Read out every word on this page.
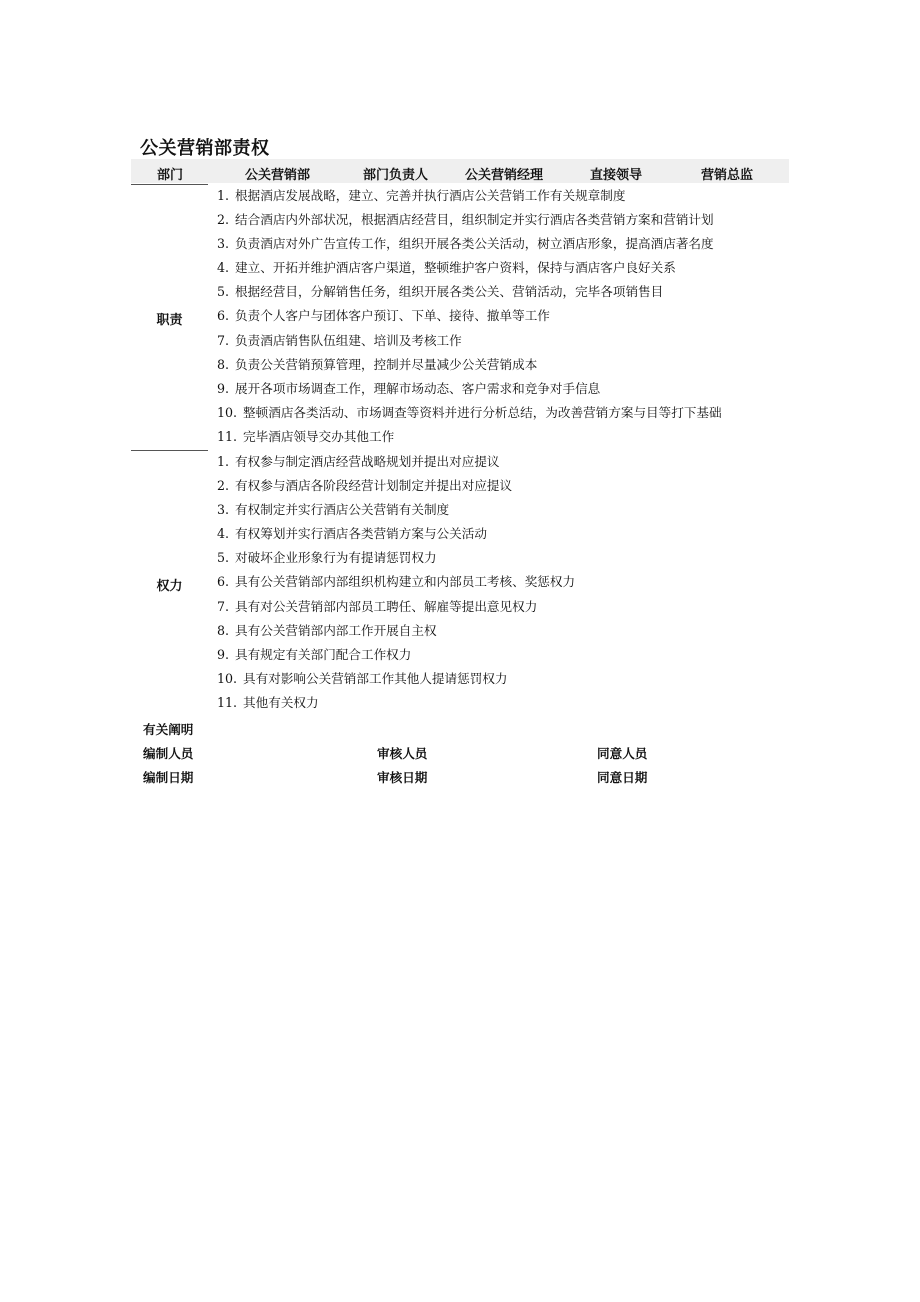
公关营销部责权
部门	公关营销部	部门负责人	公关营销经理	直接领导	营销总监
职责
1. 根据酒店发展战略，建立、完善并执行酒店公关营销工作有关规章制度
2. 结合酒店内外部状况，根据酒店经营目，组织制定并实行酒店各类营销方案和营销计划
3. 负责酒店对外广告宣传工作，组织开展各类公关活动，树立酒店形象，提高酒店著名度
4. 建立、开拓并维护酒店客户渠道，整顿维护客户资料，保持与酒店客户良好关系
5. 根据经营目，分解销售任务，组织开展各类公关、营销活动，完毕各项销售目
6. 负责个人客户与团体客户预订、下单、接待、撤单等工作
7. 负责酒店销售队伍组建、培训及考核工作
8. 负责公关营销预算管理，控制并尽量减少公关营销成本
9. 展开各项市场调查工作，理解市场动态、客户需求和竞争对手信息
10. 整顿酒店各类活动、市场调查等资料并进行分析总结，为改善营销方案与目等打下基础
11. 完毕酒店领导交办其他工作
权力
1. 有权参与制定酒店经营战略规划并提出对应提议
2. 有权参与酒店各阶段经营计划制定并提出对应提议
3. 有权制定并实行酒店公关营销有关制度
4. 有权筹划并实行酒店各类营销方案与公关活动
5. 对破坏企业形象行为有提请惩罚权力
6. 具有公关营销部内部组织机构建立和内部员工考核、奖惩权力
7. 具有对公关营销部内部员工聘任、解雇等提出意见权力
8. 具有公关营销部内部工作开展自主权
9. 具有规定有关部门配合工作权力
10. 具有对影响公关营销部工作其他人提请惩罚权力
11. 其他有关权力
有关阐明
编制人员	审核人员	同意人员
编制日期	审核日期	同意日期
